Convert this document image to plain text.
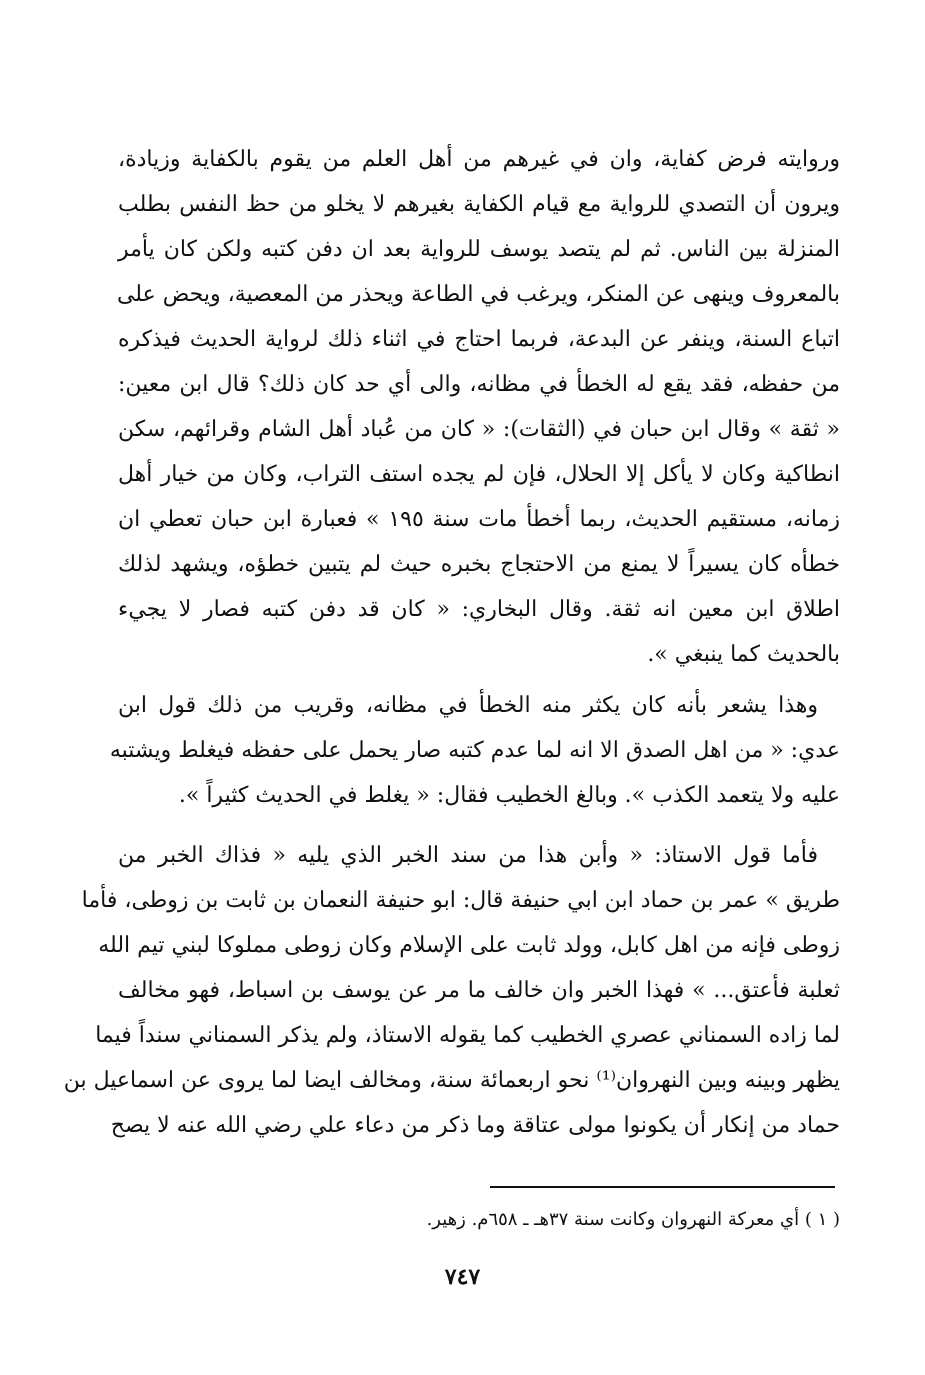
وروايته فرض كفاية، وان في غيرهم من أهل العلم من يقوم بالكفاية وزيادة،
ويرون أن التصدي للرواية مع قيام الكفاية بغيرهم لا يخلو من حظ النفس بطلب
المنزلة بين الناس. ثم لم يتصد يوسف للرواية بعد ان دفن كتبه ولكن كان يأمر
بالمعروف وينهى عن المنكر، ويرغب في الطاعة ويحذر من المعصية، ويحض على
اتباع السنة، وينفر عن البدعة، فربما احتاج في اثناء ذلك لرواية الحديث فيذكره
من حفظه، فقد يقع له الخطأ في مظانه، والى أي حد كان ذلك؟ قال ابن معين:
« ثقة » وقال ابن حبان في (الثقات): « كان من عُباد أهل الشام وقرائهم، سكن
انطاكية وكان لا يأكل إلا الحلال، فإن لم يجده استف التراب، وكان من خيار أهل
زمانه، مستقيم الحديث، ربما أخطأ مات سنة ١٩٥ » فعبارة ابن حبان تعطي ان
خطأه كان يسيراً لا يمنع من الاحتجاج بخبره حيث لم يتبين خطؤه، ويشهد لذلك
اطلاق ابن معين انه ثقة. وقال البخاري: « كان قد دفن كتبه فصار لا يجيء
بالحديث كما ينبغي ».
وهذا يشعر بأنه كان يكثر منه الخطأ في مظانه، وقريب من ذلك قول ابن
عدي: « من اهل الصدق الا انه لما عدم كتبه صار يحمل على حفظه فيغلط ويشتبه
عليه ولا يتعمد الكذب ». وبالغ الخطيب فقال: « يغلط في الحديث كثيراً ».
فأما قول الاستاذ: « وأبن هذا من سند الخبر الذي يليه « فذاك الخبر من
طريق » عمر بن حماد ابن ابي حنيفة قال: ابو حنيفة النعمان بن ثابت بن زوطى، فأما
زوطى فإنه من اهل كابل، وولد ثابت على الإسلام وكان زوطى مملوكا لبني تيم الله
ثعلبة فأعتق... » فهذا الخبر وان خالف ما مر عن يوسف بن اسباط، فهو مخالف
لما زاده السمناني عصري الخطيب كما يقوله الاستاذ، ولم يذكر السمناني سنداً فيما
يظهر وبينه وبين النهروان⁽¹⁾ نحو اربعمائة سنة، ومخالف ايضا لما يروى عن اسماعيل بن
حماد من إنكار أن يكونوا مولى عتاقة وما ذكر من دعاء علي رضي الله عنه لا يصح
( ١ ) أي معركة النهروان وكانت سنة ٣٧هـ ـ ٦٥٨م. زهير.
٧٤٧
